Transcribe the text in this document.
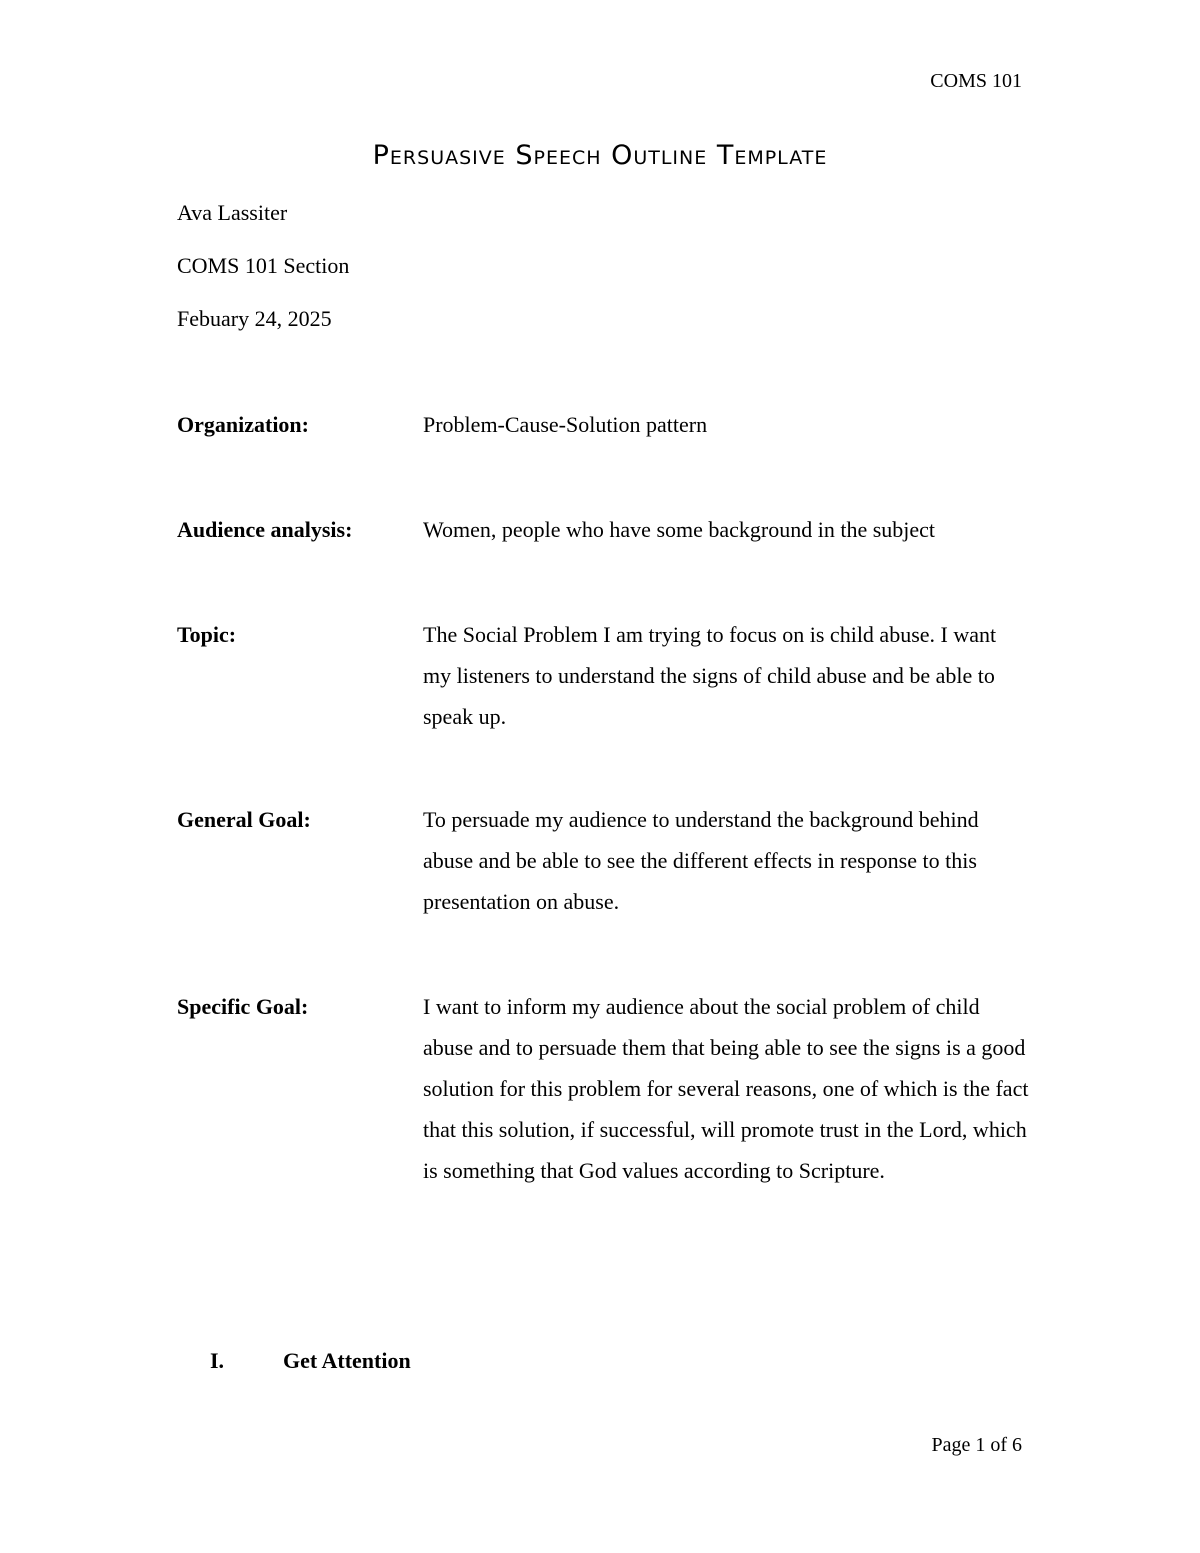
COMS 101
Persuasive Speech Outline Template
Ava Lassiter
COMS 101 Section
Febuary 24, 2025
Organization:	Problem-Cause-Solution pattern
Audience analysis:	Women, people who have some background in the subject
Topic:	The Social Problem I am trying to focus on is child abuse. I want my listeners to understand the signs of child abuse and be able to speak up.
General Goal:	To persuade my audience to understand the background behind abuse and be able to see the different effects in response to this presentation on abuse.
Specific Goal:	I want to inform my audience about the social problem of child abuse and to persuade them that being able to see the signs is a good solution for this problem for several reasons, one of which is the fact that this solution, if successful, will promote trust in the Lord, which is something that God values according to Scripture.
I.	Get Attention
Page 1 of 6
